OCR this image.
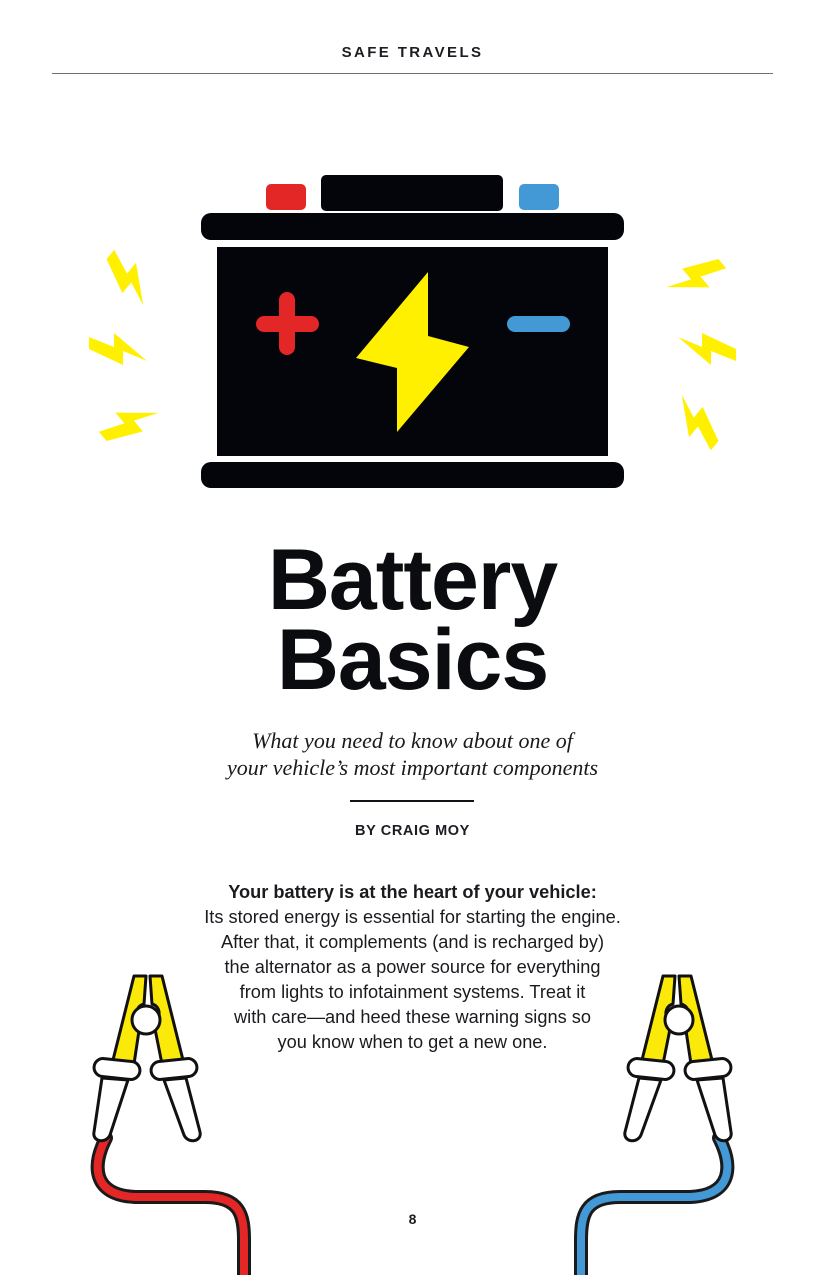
SAFE TRAVELS
Battery
Basics
What you need to know about one of
your vehicle’s most important components
BY CRAIG MOY
Your battery is at the heart of your vehicle:
Its stored energy is essential for starting the engine.
After that, it complements (and is recharged by)
the alternator as a power source for everything
from lights to infotainment systems. Treat it
with care—and heed these warning signs so
you know when to get a new one.
8
